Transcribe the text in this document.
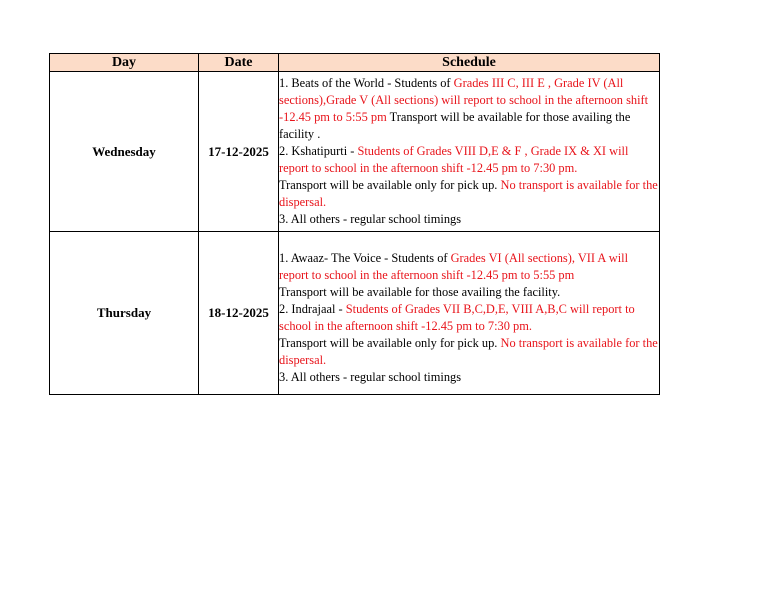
Day	Date	Schedule
Wednesday	17-12-2025	1. Beats of the World - Students of Grades III C, III E , Grade IV (All sections),Grade V (All sections) will report to school in the afternoon shift -12.45 pm to 5:55 pm Transport will be available for those availing the facility .
2. Kshatipurti - Students of Grades VIII D,E & F , Grade IX & XI will report to school in the afternoon shift -12.45 pm to 7:30 pm.
Transport will be available only for pick up. No transport is available for the dispersal.
3. All others - regular school timings
Thursday	18-12-2025	1. Awaaz- The Voice - Students of Grades VI (All sections), VII A will report to school in the afternoon shift -12.45 pm to 5:55 pm
Transport will be available for those availing the facility.
2. Indrajaal - Students of Grades VII B,C,D,E, VIII A,B,C will report to school in the afternoon shift -12.45 pm to 7:30 pm.
Transport will be available only for pick up. No transport is available for the dispersal.
3. All others - regular school timings
